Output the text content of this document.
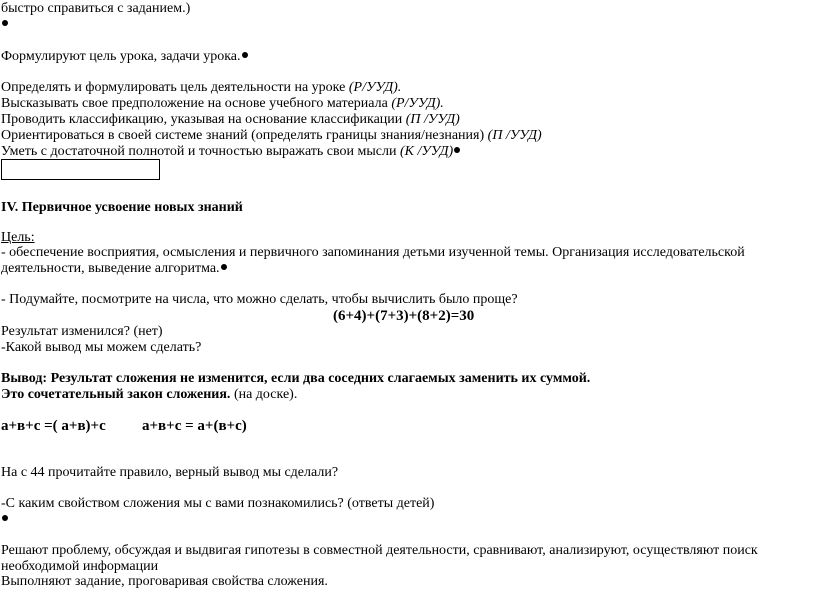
быстро справиться с заданием.)
Формулируют цель урока, задачи урока.
Определять и формулировать цель деятельности на уроке (Р/УУД).
Высказывать свое предположение на основе учебного материала (Р/УУД).
Проводить классификацию, указывая на основание классификации (П /УУД)
Ориентироваться в своей системе знаний (определять границы знания/незнания) (П /УУД)
Уметь с достаточной полнотой и точностью выражать свои мысли (К /УУД)
IV. Первичное усвоение новых знаний
Цель:
- обеспечение восприятия, осмысления и первичного запоминания детьми изученной темы. Организация исследовательской деятельности, выведение алгоритма.
- Подумайте, посмотрите на числа, что можно сделать, чтобы вычислить было проще?
(6+4)+(7+3)+(8+2)=30
Результат изменился? (нет)
-Какой вывод мы можем сделать?
Вывод: Результат сложения не изменится, если два соседних слагаемых заменить их суммой.
Это сочетательный закон сложения. (на доске).
а+в+с =( а+в)+с а+в+с = а+(в+с)
На с 44 прочитайте правило, верный вывод мы сделали?
-С каким свойством сложения мы с вами познакомились? (ответы детей)
Решают проблему, обсуждая и выдвигая гипотезы в совместной деятельности, сравнивают, анализируют, осуществляют поиск необходимой информации
Выполняют задание, проговаривая свойства сложения.
